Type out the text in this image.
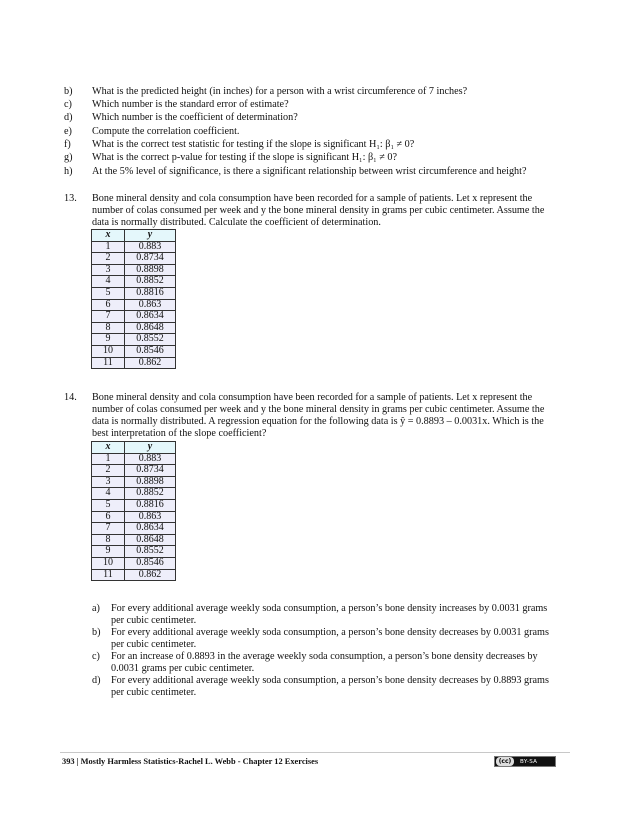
b) What is the predicted height (in inches) for a person with a wrist circumference of 7 inches?
c) Which number is the standard error of estimate?
d) Which number is the coefficient of determination?
e) Compute the correlation coefficient.
f) What is the correct test statistic for testing if the slope is significant H₁: β₁ ≠ 0?
g) What is the correct p-value for testing if the slope is significant H₁: β₁ ≠ 0?
h) At the 5% level of significance, is there a significant relationship between wrist circumference and height?
13. Bone mineral density and cola consumption have been recorded for a sample of patients. Let x represent the
number of colas consumed per week and y the bone mineral density in grams per cubic centimeter. Assume the
data is normally distributed. Calculate the coefficient of determination.
x	y
1	0.883
2	0.8734
3	0.8898
4	0.8852
5	0.8816
6	0.863
7	0.8634
8	0.8648
9	0.8552
10	0.8546
11	0.862
14. Bone mineral density and cola consumption have been recorded for a sample of patients. Let x represent the
number of colas consumed per week and y the bone mineral density in grams per cubic centimeter. Assume the
data is normally distributed. A regression equation for the following data is ŷ = 0.8893 – 0.0031x. Which is the
best interpretation of the slope coefficient?
x	y
1	0.883
2	0.8734
3	0.8898
4	0.8852
5	0.8816
6	0.863
7	0.8634
8	0.8648
9	0.8552
10	0.8546
11	0.862
a) For every additional average weekly soda consumption, a person’s bone density increases by 0.0031 grams
per cubic centimeter.
b) For every additional average weekly soda consumption, a person’s bone density decreases by 0.0031 grams
per cubic centimeter.
c) For an increase of 0.8893 in the average weekly soda consumption, a person’s bone density decreases by
0.0031 grams per cubic centimeter.
d) For every additional average weekly soda consumption, a person’s bone density decreases by 0.8893 grams
per cubic centimeter.
393 | Mostly Harmless Statistics-Rachel L. Webb - Chapter 12 Exercises	(cc)	BY-SA
